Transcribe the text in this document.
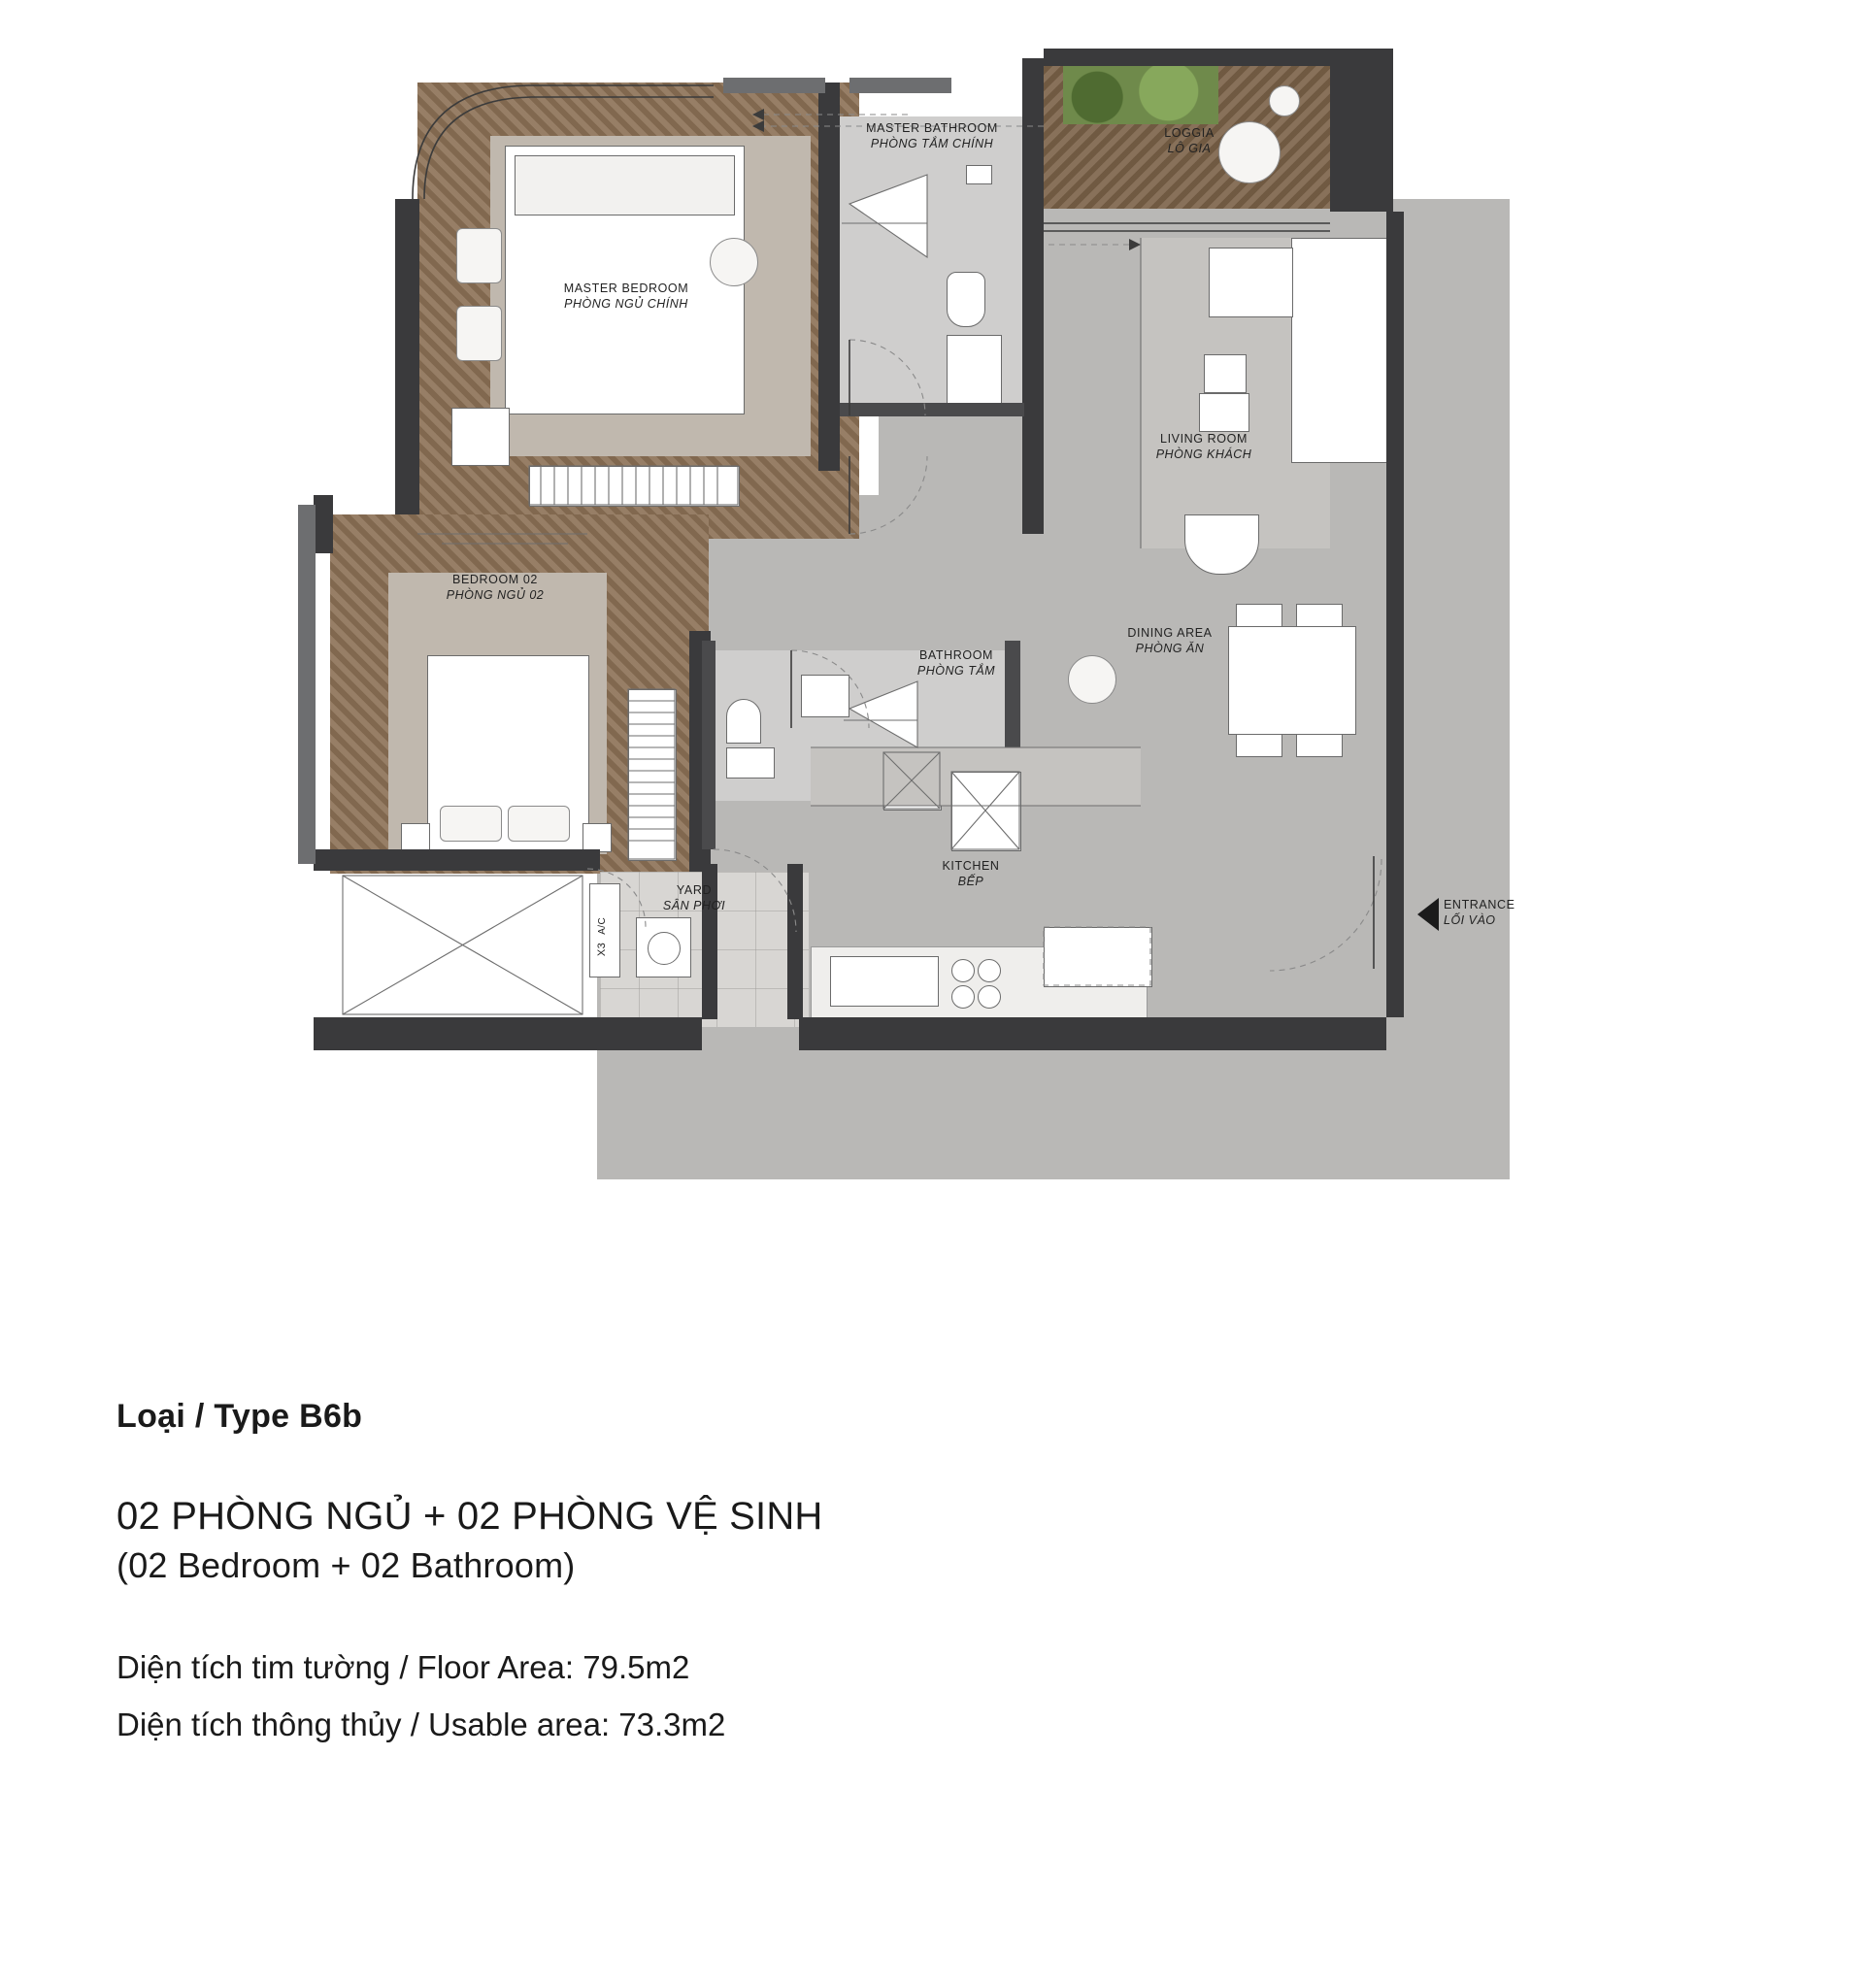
MASTER BEDROOM
PHÒNG NGỦ CHÍNH
MASTER BATHROOM
PHÒNG TẮM CHÍNH
LOGGIA
LÔ GIA
LIVING ROOM
PHÒNG KHÁCH
DINING AREA
PHÒNG ĂN
BEDROOM 02
PHÒNG NGỦ 02
BATHROOM
PHÒNG TẮM
YARD
SÂN PHƠI
KITCHEN
BẾP
X3
A/C
ENTRANCE
LỐI VÀO

Loại / Type B6b

02 PHÒNG NGỦ + 02 PHÒNG VỆ SINH

(02 Bedroom + 02 Bathroom)

Diện tích tim tường / Floor Area: 79.5m2

Diện tích thông thủy / Usable area: 73.3m2
